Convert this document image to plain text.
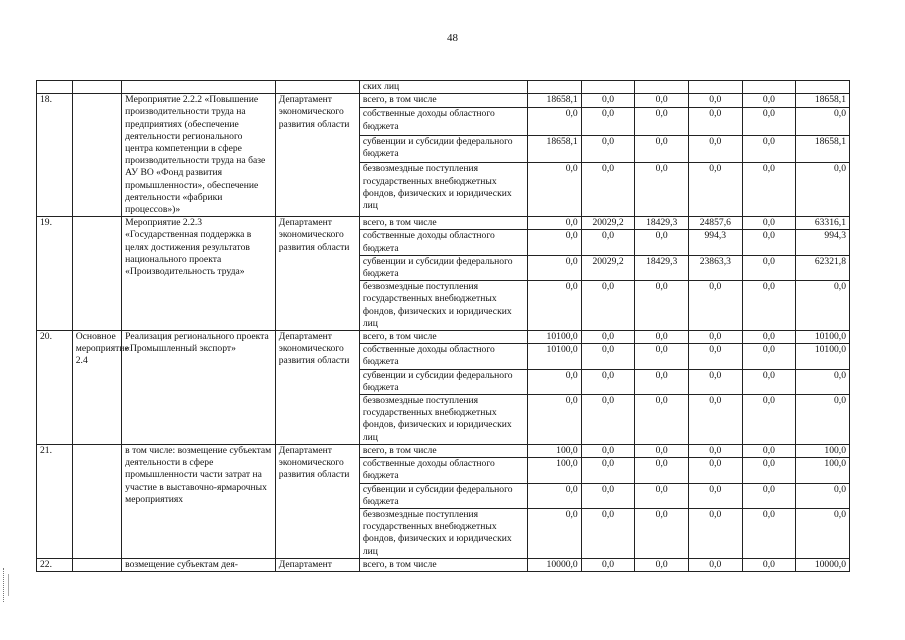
48
				ских лиц						
18.		Мероприятие 2.2.2 «Повышение производительности труда на предприятиях (обеспечение деятельности регионального центра компетенции в сфере производительности труда на базе АУ ВО «Фонд развития промышленности», обеспечение деятельности «фабрики процессов»)»	Департамент экономического развития области	всего, в том числе	18658,1	0,0	0,0	0,0	0,0	18658,1
				собственные доходы областного бюджета	0,0	0,0	0,0	0,0	0,0	0,0
				субвенции и субсидии федерального бюджета	18658,1	0,0	0,0	0,0	0,0	18658,1
				безвозмездные поступления государственных внебюджетных фондов, физических и юридических лиц	0,0	0,0	0,0	0,0	0,0	0,0
19.		Мероприятие 2.2.3 «Государственная поддержка в целях достижения результатов национального проекта «Производительность труда»	Департамент экономического развития области	всего, в том числе	0,0	20029,2	18429,3	24857,6	0,0	63316,1
				собственные доходы областного бюджета	0,0	0,0	0,0	994,3	0,0	994,3
				субвенции и субсидии федерального бюджета	0,0	20029,2	18429,3	23863,3	0,0	62321,8
				безвозмездные поступления государственных внебюджетных фондов, физических и юридических лиц	0,0	0,0	0,0	0,0	0,0	0,0
20.	Основное мероприятие 2.4	Реализация регионального проекта «Промышленный экспорт»	Департамент экономического развития области	всего, в том числе	10100,0	0,0	0,0	0,0	0,0	10100,0
				собственные доходы областного бюджета	10100,0	0,0	0,0	0,0	0,0	10100,0
				субвенции и субсидии федерального бюджета	0,0	0,0	0,0	0,0	0,0	0,0
				безвозмездные поступления государственных внебюджетных фондов, физических и юридических лиц	0,0	0,0	0,0	0,0	0,0	0,0
21.		в том числе: возмещение субъектам деятельности в сфере промышленности части затрат на участие в выставочно-ярмарочных мероприятиях	Департамент экономического развития области	всего, в том числе	100,0	0,0	0,0	0,0	0,0	100,0
				собственные доходы областного бюджета	100,0	0,0	0,0	0,0	0,0	100,0
				субвенции и субсидии федерального бюджета	0,0	0,0	0,0	0,0	0,0	0,0
				безвозмездные поступления государственных внебюджетных фондов, физических и юридических лиц	0,0	0,0	0,0	0,0	0,0	0,0
22.		возмещение субъектам дея-	Департамент	всего, в том числе	10000,0	0,0	0,0	0,0	0,0	10000,0
